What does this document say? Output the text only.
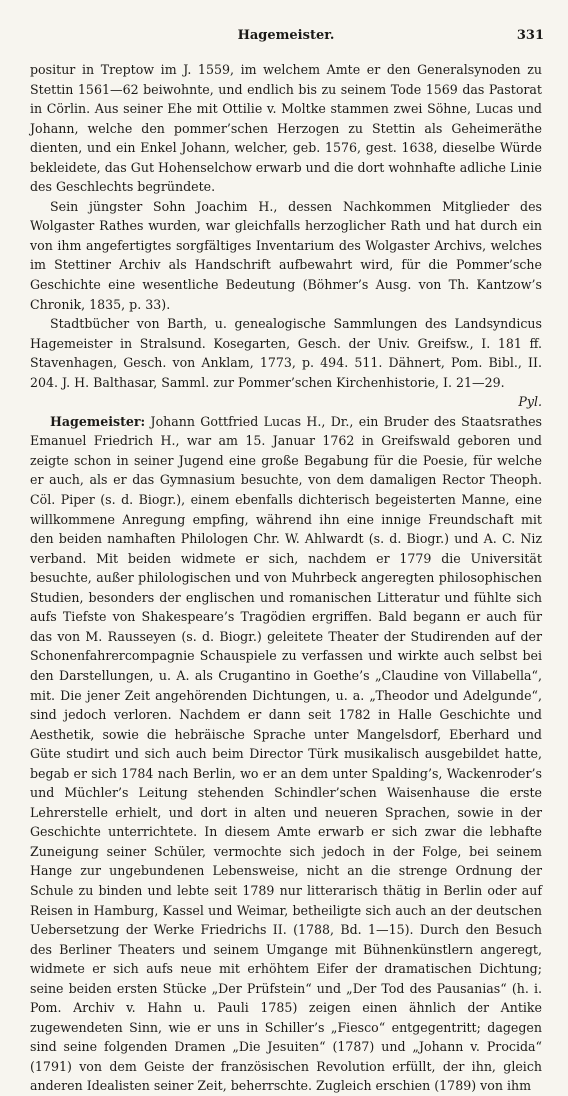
Hagemeister.	331

positur in Treptow im J. 1559, im welchem Amte er den Generalsynoden zu Stettin 1561—62 beiwohnte, und endlich bis zu seinem Tode 1569 das Pastorat in Cörlin. Aus seiner Ehe mit Ottilie v. Moltke stammen zwei Söhne, Lucas und Johann, welche den pommer’schen Herzogen zu Stettin als Geheimeräthe dienten, und ein Enkel Johann, welcher, geb. 1576, gest. 1638, dieselbe Würde bekleidete, das Gut Hohenselchow erwarb und die dort wohnhafte adliche Linie des Geschlechts begründete.

Sein jüngster Sohn Joachim H., dessen Nachkommen Mitglieder des Wolgaster Rathes wurden, war gleichfalls herzoglicher Rath und hat durch ein von ihm angefertigtes sorgfältiges Inventarium des Wolgaster Archivs, welches im Stettiner Archiv als Handschrift aufbewahrt wird, für die Pommer’sche Geschichte eine wesentliche Bedeutung (Böhmer’s Ausg. von Th. Kantzow’s Chronik, 1835, p. 33).

Stadtbücher von Barth, u. genealogische Sammlungen des Landsyndicus Hagemeister in Stralsund. Kosegarten, Gesch. der Univ. Greifsw., I. 181 ff. Stavenhagen, Gesch. von Anklam, 1773, p. 494. 511. Dähnert, Pom. Bibl., II. 204. J. H. Balthasar, Samml. zur Pommer’schen Kirchenhistorie, I. 21—29.

Pyl.

Hagemeister: Johann Gottfried Lucas H., Dr., ein Bruder des Staatsrathes Emanuel Friedrich H., war am 15. Januar 1762 in Greifswald geboren und zeigte schon in seiner Jugend eine große Begabung für die Poesie, für welche er auch, als er das Gymnasium besuchte, von dem damaligen Rector Theoph. Cöl. Piper (s. d. Biogr.), einem ebenfalls dichterisch begeisterten Manne, eine willkommene Anregung empfing, während ihn eine innige Freundschaft mit den beiden namhaften Philologen Chr. W. Ahlwardt (s. d. Biogr.) und A. C. Niz verband. Mit beiden widmete er sich, nachdem er 1779 die Universität besuchte, außer philologischen und von Muhrbeck angeregten philosophischen Studien, besonders der englischen und romanischen Litteratur und fühlte sich aufs Tiefste von Shakespeare’s Tragödien ergriffen. Bald begann er auch für das von M. Rausseyen (s. d. Biogr.) geleitete Theater der Studirenden auf der Schonenfahrercompagnie Schauspiele zu verfassen und wirkte auch selbst bei den Darstellungen, u. A. als Crugantino in Goethe’s „Claudine von Villabella“, mit. Die jener Zeit angehörenden Dichtungen, u. a. „Theodor und Adelgunde“, sind jedoch verloren. Nachdem er dann seit 1782 in Halle Geschichte und Aesthetik, sowie die hebräische Sprache unter Mangelsdorf, Eberhard und Güte studirt und sich auch beim Director Türk musikalisch ausgebildet hatte, begab er sich 1784 nach Berlin, wo er an dem unter Spalding’s, Wackenroder’s und Müchler’s Leitung stehenden Schindler’schen Waisenhause die erste Lehrerstelle erhielt, und dort in alten und neueren Sprachen, sowie in der Geschichte unterrichtete. In diesem Amte erwarb er sich zwar die lebhafte Zuneigung seiner Schüler, vermochte sich jedoch in der Folge, bei seinem Hange zur ungebundenen Lebensweise, nicht an die strenge Ordnung der Schule zu binden und lebte seit 1789 nur litterarisch thätig in Berlin oder auf Reisen in Hamburg, Kassel und Weimar, betheiligte sich auch an der deutschen Uebersetzung der Werke Friedrichs II. (1788, Bd. 1—15). Durch den Besuch des Berliner Theaters und seinem Umgange mit Bühnenkünstlern angeregt, widmete er sich aufs neue mit erhöhtem Eifer der dramatischen Dichtung; seine beiden ersten Stücke „Der Prüfstein“ und „Der Tod des Pausanias“ (h. i. Pom. Archiv v. Hahn u. Pauli 1785) zeigen einen ähnlich der Antike zugewendeten Sinn, wie er uns in Schiller’s „Fiesco“ entgegentritt; dagegen sind seine folgenden Dramen „Die Jesuiten“ (1787) und „Johann v. Procida“ (1791) von dem Geiste der französischen Revolution erfüllt, der ihn, gleich anderen Idealisten seiner Zeit, beherrschte. Zugleich erschien (1789) von ihm
